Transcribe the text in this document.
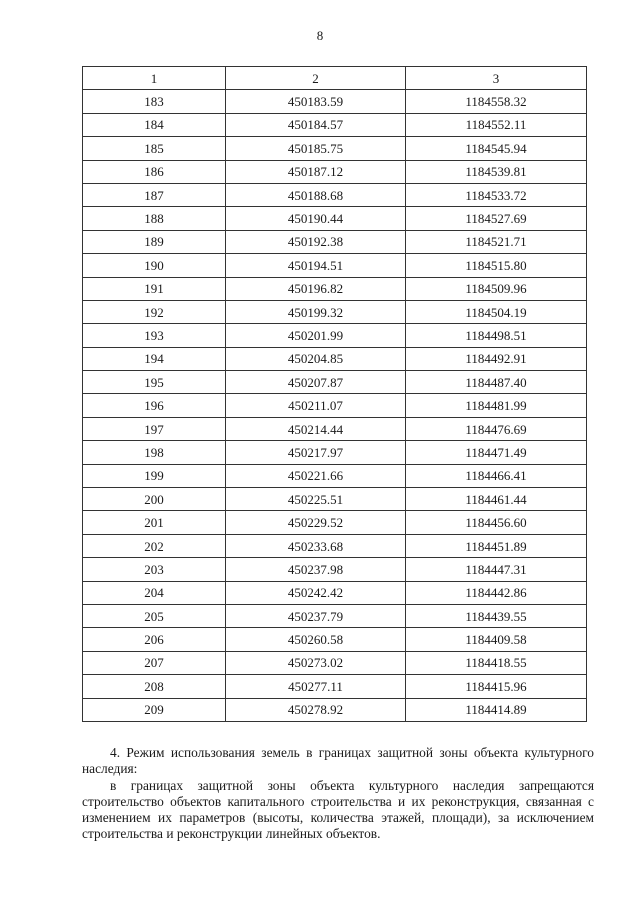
8
1	2	3
183	450183.59	1184558.32
184	450184.57	1184552.11
185	450185.75	1184545.94
186	450187.12	1184539.81
187	450188.68	1184533.72
188	450190.44	1184527.69
189	450192.38	1184521.71
190	450194.51	1184515.80
191	450196.82	1184509.96
192	450199.32	1184504.19
193	450201.99	1184498.51
194	450204.85	1184492.91
195	450207.87	1184487.40
196	450211.07	1184481.99
197	450214.44	1184476.69
198	450217.97	1184471.49
199	450221.66	1184466.41
200	450225.51	1184461.44
201	450229.52	1184456.60
202	450233.68	1184451.89
203	450237.98	1184447.31
204	450242.42	1184442.86
205	450237.79	1184439.55
206	450260.58	1184409.58
207	450273.02	1184418.55
208	450277.11	1184415.96
209	450278.92	1184414.89

4. Режим использования земель в границах защитной зоны объекта культурного наследия:

в границах защитной зоны объекта культурного наследия запрещаются строительство объектов капитального строительства и их реконструкция, связанная с изменением их параметров (высоты, количества этажей, площади), за исключением строительства и реконструкции линейных объектов.
